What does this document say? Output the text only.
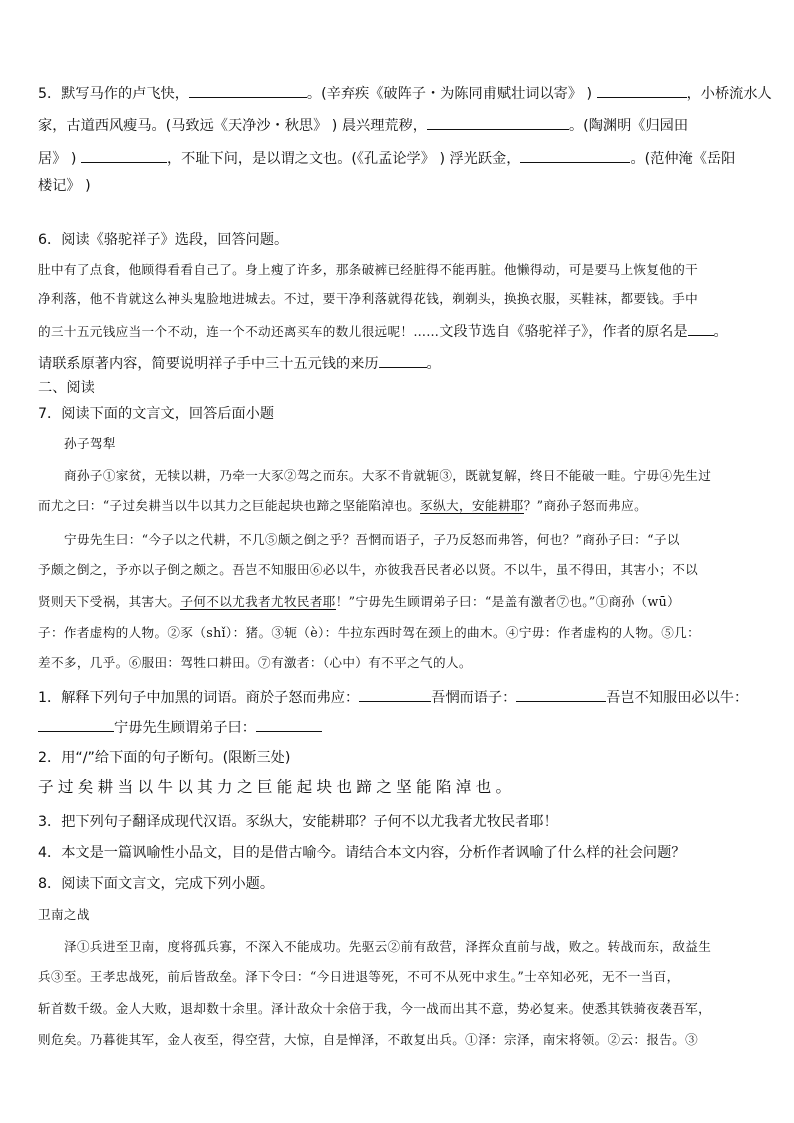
5．默写马作的卢飞快，	。(辛弃疾《破阵子・为陈同甫赋壮词以寄》 )	，小桥流水人
家，古道西风瘦马。(马致远《天净沙・秋思》 ) 晨兴理荒秽，	。(陶渊明《归园田
居》 )	，不耻下问，是以谓之文也。(《孔孟论学》 ) 浮光跃金，	。(范仲淹《岳阳
楼记》 )
6．阅读《骆驼祥子》选段，回答问题。
肚中有了点食，他顾得看看自己了。身上瘦了许多，那条破裤已经脏得不能再脏。他懒得动，可是要马上恢复他的干
净利落，他不肯就这么神头鬼脸地进城去。不过，要干净利落就得花钱，剃剃头，换换衣服，买鞋袜，都要钱。手中
的三十五元钱应当一个不动，连一个不动还离买车的数儿很远呢！……文段节选自《骆驼祥子》，作者的原名是 。
请联系原著内容，简要说明祥子手中三十五元钱的来历	。
二、阅读
7．阅读下面的文言文，回答后面小题
孙子驾犁
商孙子①家贫，无犊以耕，乃牵一大豕②驾之而东。大豕不肯就轭③，既就复解，终日不能破一畦。宁毋④先生过
而尤之曰：“子过矣耕当以牛以其力之巨能起块也蹄之坚能陷淖也。豕纵大，安能耕耶？”商孙子怒而弗应。
宁毋先生曰：“今子以之代耕，不几⑤颇之倒之乎？吾惘而语子，子乃反怒而弗答，何也？”商孙子曰：“子以
予颇之倒之，予亦以子倒之颇之。吾岂不知服田⑥必以牛，亦彼我吾民者必以贤。不以牛，虽不得田，其害小；不以
贤则天下受祸，其害大。子何不以尤我者尤牧民者耶！”宁毋先生顾谓弟子曰：“是盖有激者⑦也。”①商孙（wū）
子：作者虚构的人物。②豕（shǐ）：猪。③轭（è）：牛拉东西时驾在颈上的曲木。④宁毋：作者虚构的人物。⑤几：
差不多，几乎。⑥服田：驾牲口耕田。⑦有激者：（心中）有不平之气的人。
1．解释下列句子中加黑的词语。商於子怒而弗应：	吾惘而语子：	吾岂不知服田必以牛：
宁毋先生顾谓弟子曰：
2．用“/”给下面的句子断句。(限断三处)
子过矣耕当以牛以其力之巨能起块也蹄之坚能陷淖也。
3．把下列句子翻译成现代汉语。豕纵大，安能耕耶？子何不以尤我者尤牧民者耶！
4．本文是一篇讽喻性小品文，目的是借古喻今。请结合本文内容，分析作者讽喻了什么样的社会问题？
8．阅读下面文言文，完成下列小题。
卫南之战
泽①兵进至卫南，度将孤兵寡，不深入不能成功。先驱云②前有敌营，泽挥众直前与战，败之。转战而东，敌益生
兵③至。王孝忠战死，前后皆敌垒。泽下令曰：“今日进退等死，不可不从死中求生。”士卒知必死，无不一当百，
斩首数千级。金人大败，退却数十余里。泽计敌众十余倍于我，今一战而出其不意，势必复来。使悉其铁骑夜袭吾军，
则危矣。乃暮徙其军，金人夜至，得空营，大惊，自是惮泽，不敢复出兵。①泽：宗泽，南宋将领。②云：报告。③
